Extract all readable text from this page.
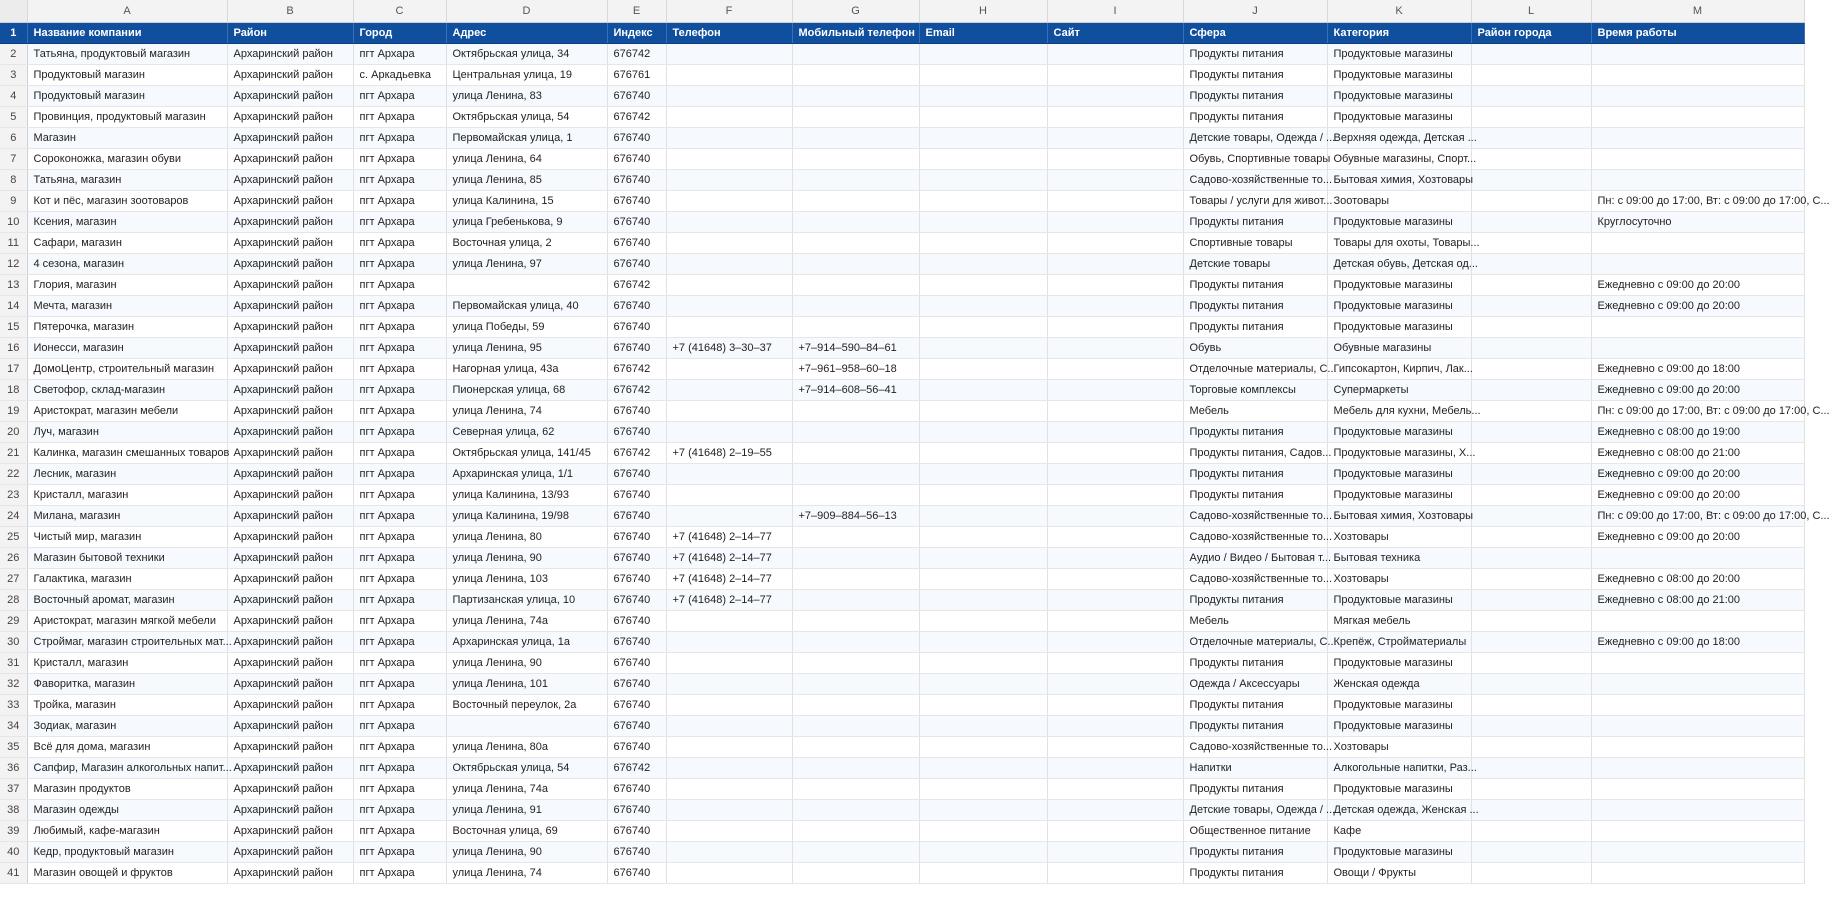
	A	B	C	D	E	F	G	H	I	J	K	L	M
1	Название компании	Район	Город	Адрес	Индекс	Телефон	Мобильный телефон	Email	Сайт	Сфера	Категория	Район города	Время работы
2	Татьяна, продуктовый магазин	Архаринский район	пгт Архара	Октябрьская улица, 34	676742					Продукты питания	Продуктовые магазины		
3	Продуктовый магазин	Архаринский район	с. Аркадьевка	Центральная улица, 19	676761					Продукты питания	Продуктовые магазины		
4	Продуктовый магазин	Архаринский район	пгт Архара	улица Ленина, 83	676740					Продукты питания	Продуктовые магазины		
5	Провинция, продуктовый магазин	Архаринский район	пгт Архара	Октябрьская улица, 54	676742					Продукты питания	Продуктовые магазины		
6	Магазин	Архаринский район	пгт Архара	Первомайская улица, 1	676740					Детские товары, Одежда / ...	Верхняя одежда, Детская ...		
7	Сороконожка, магазин обуви	Архаринский район	пгт Архара	улица Ленина, 64	676740					Обувь, Спортивные товары	Обувные магазины, Спорт...		
8	Татьяна, магазин	Архаринский район	пгт Архара	улица Ленина, 85	676740					Садово-хозяйственные то...	Бытовая химия, Хозтовары		
9	Кот и пёс, магазин зоотоваров	Архаринский район	пгт Архара	улица Калинина, 15	676740					Товары / услуги для живот...	Зоотовары		Пн: с 09:00 до 17:00, Вт: с 09:00 до 17:00, С...
10	Ксения, магазин	Архаринский район	пгт Архара	улица Гребенькова, 9	676740					Продукты питания	Продуктовые магазины		Круглосуточно
11	Сафари, магазин	Архаринский район	пгт Архара	Восточная улица, 2	676740					Спортивные товары	Товары для охоты, Товары...		
12	4 сезона, магазин	Архаринский район	пгт Архара	улица Ленина, 97	676740					Детские товары	Детская обувь, Детская од...		
13	Глория, магазин	Архаринский район	пгт Архара		676742					Продукты питания	Продуктовые магазины		Ежедневно с 09:00 до 20:00
14	Мечта, магазин	Архаринский район	пгт Архара	Первомайская улица, 40	676740					Продукты питания	Продуктовые магазины		Ежедневно с 09:00 до 20:00
15	Пятерочка, магазин	Архаринский район	пгт Архара	улица Победы, 59	676740					Продукты питания	Продуктовые магазины		
16	Ионесси, магазин	Архаринский район	пгт Архара	улица Ленина, 95	676740	+7 (41648) 3–30–37	+7–914–590–84–61			Обувь	Обувные магазины		
17	ДомоЦентр, строительный магазин	Архаринский район	пгт Архара	Нагорная улица, 43а	676742		+7–961–958–60–18			Отделочные материалы, С...	Гипсокартон, Кирпич, Лак...		Ежедневно с 09:00 до 18:00
18	Светофор, склад-магазин	Архаринский район	пгт Архара	Пионерская улица, 68	676742		+7–914–608–56–41			Торговые комплексы	Супермаркеты		Ежедневно с 09:00 до 20:00
19	Аристократ, магазин мебели	Архаринский район	пгт Архара	улица Ленина, 74	676740					Мебель	Мебель для кухни, Мебель...		Пн: с 09:00 до 17:00, Вт: с 09:00 до 17:00, С...
20	Луч, магазин	Архаринский район	пгт Архара	Северная улица, 62	676740					Продукты питания	Продуктовые магазины		Ежедневно с 08:00 до 19:00
21	Калинка, магазин смешанных товаров	Архаринский район	пгт Архара	Октябрьская улица, 141/45	676742	+7 (41648) 2–19–55				Продукты питания, Садов...	Продуктовые магазины, Х...		Ежедневно с 08:00 до 21:00
22	Лесник, магазин	Архаринский район	пгт Архара	Архаринская улица, 1/1	676740					Продукты питания	Продуктовые магазины		Ежедневно с 09:00 до 20:00
23	Кристалл, магазин	Архаринский район	пгт Архара	улица Калинина, 13/93	676740					Продукты питания	Продуктовые магазины		Ежедневно с 09:00 до 20:00
24	Милана, магазин	Архаринский район	пгт Архара	улица Калинина, 19/98	676740		+7–909–884–56–13			Садово-хозяйственные то...	Бытовая химия, Хозтовары		Пн: с 09:00 до 17:00, Вт: с 09:00 до 17:00, С...
25	Чистый мир, магазин	Архаринский район	пгт Архара	улица Ленина, 80	676740	+7 (41648) 2–14–77				Садово-хозяйственные то...	Хозтовары		Ежедневно с 09:00 до 20:00
26	Магазин бытовой техники	Архаринский район	пгт Архара	улица Ленина, 90	676740	+7 (41648) 2–14–77				Аудио / Видео / Бытовая т...	Бытовая техника		
27	Галактика, магазин	Архаринский район	пгт Архара	улица Ленина, 103	676740	+7 (41648) 2–14–77				Садово-хозяйственные то...	Хозтовары		Ежедневно с 08:00 до 20:00
28	Восточный аромат, магазин	Архаринский район	пгт Архара	Партизанская улица, 10	676740	+7 (41648) 2–14–77				Продукты питания	Продуктовые магазины		Ежедневно с 08:00 до 21:00
29	Аристократ, магазин мягкой мебели	Архаринский район	пгт Архара	улица Ленина, 74а	676740					Мебель	Мягкая мебель		
30	Строймаг, магазин строительных мат...	Архаринский район	пгт Архара	Архаринская улица, 1а	676740					Отделочные материалы, С...	Крепёж, Стройматериалы		Ежедневно с 09:00 до 18:00
31	Кристалл, магазин	Архаринский район	пгт Архара	улица Ленина, 90	676740					Продукты питания	Продуктовые магазины		
32	Фаворитка, магазин	Архаринский район	пгт Архара	улица Ленина, 101	676740					Одежда / Аксессуары	Женская одежда		
33	Тройка, магазин	Архаринский район	пгт Архара	Восточный переулок, 2а	676740					Продукты питания	Продуктовые магазины		
34	Зодиак, магазин	Архаринский район	пгт Архара		676740					Продукты питания	Продуктовые магазины		
35	Всё для дома, магазин	Архаринский район	пгт Архара	улица Ленина, 80а	676740					Садово-хозяйственные то...	Хозтовары		
36	Сапфир, Магазин алкогольных напит...	Архаринский район	пгт Архара	Октябрьская улица, 54	676742					Напитки	Алкогольные напитки, Раз...		
37	Магазин продуктов	Архаринский район	пгт Архара	улица Ленина, 74а	676740					Продукты питания	Продуктовые магазины		
38	Магазин одежды	Архаринский район	пгт Архара	улица Ленина, 91	676740					Детские товары, Одежда / ...	Детская одежда, Женская ...		
39	Любимый, кафе-магазин	Архаринский район	пгт Архара	Восточная улица, 69	676740					Общественное питание	Кафе		
40	Кедр, продуктовый магазин	Архаринский район	пгт Архара	улица Ленина, 90	676740					Продукты питания	Продуктовые магазины		
41	Магазин овощей и фруктов	Архаринский район	пгт Архара	улица Ленина, 74	676740					Продукты питания	Овощи / Фрукты		
